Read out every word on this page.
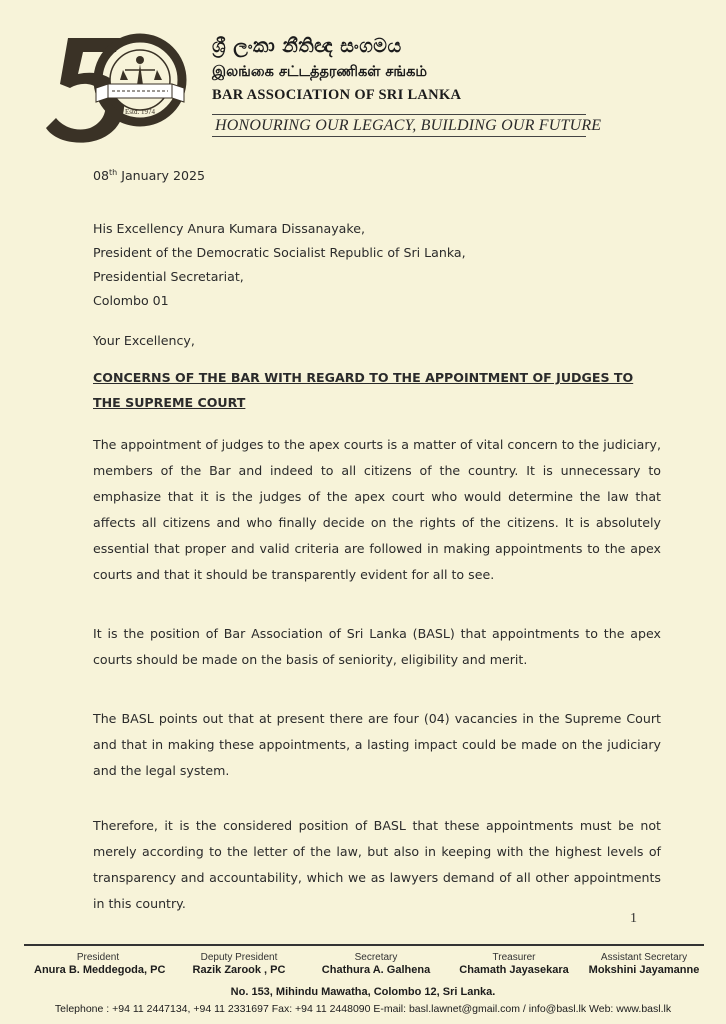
Estd. 1974
ශ්‍රී ලංකා නීතිඥ සංගමය
இலங்கை சட்டத்தரணிகள் சங்கம்
BAR ASSOCIATION OF SRI LANKA
HONOURING OUR LEGACY, BUILDING OUR FUTURE
08th January 2025
His Excellency Anura Kumara Dissanayake,
President of the Democratic Socialist Republic of Sri Lanka,
Presidential Secretariat,
Colombo 01
Your Excellency,
CONCERNS OF THE BAR WITH REGARD TO THE APPOINTMENT OF JUDGES TO THE SUPREME COURT
The appointment of judges to the apex courts is a matter of vital concern to the judiciary, members of the Bar and indeed to all citizens of the country. It is unnecessary to emphasize that it is the judges of the apex court who would determine the law that affects all citizens and who finally decide on the rights of the citizens. It is absolutely essential that proper and valid criteria are followed in making appointments to the apex courts and that it should be transparently evident for all to see.
It is the position of Bar Association of Sri Lanka (BASL) that appointments to the apex courts should be made on the basis of seniority, eligibility and merit.
The BASL points out that at present there are four (04) vacancies in the Supreme Court and that in making these appointments, a lasting impact could be made on the judiciary and the legal system.
Therefore, it is the considered position of BASL that these appointments must be not merely according to the letter of the law, but also in keeping with the highest levels of transparency and accountability, which we as lawyers demand of all other appointments in this country.
1
President
Anura B. Meddegoda, PC
Deputy President
Razik Zarook , PC
Secretary
Chathura A. Galhena
Treasurer
Chamath Jayasekara
Assistant Secretary
Mokshini Jayamanne
No. 153, Mihindu Mawatha, Colombo 12, Sri Lanka.
Telephone : +94 11 2447134, +94 11 2331697 Fax: +94 11 2448090 E-mail: basl.lawnet@gmail.com / info@basl.lk Web: www.basl.lk
